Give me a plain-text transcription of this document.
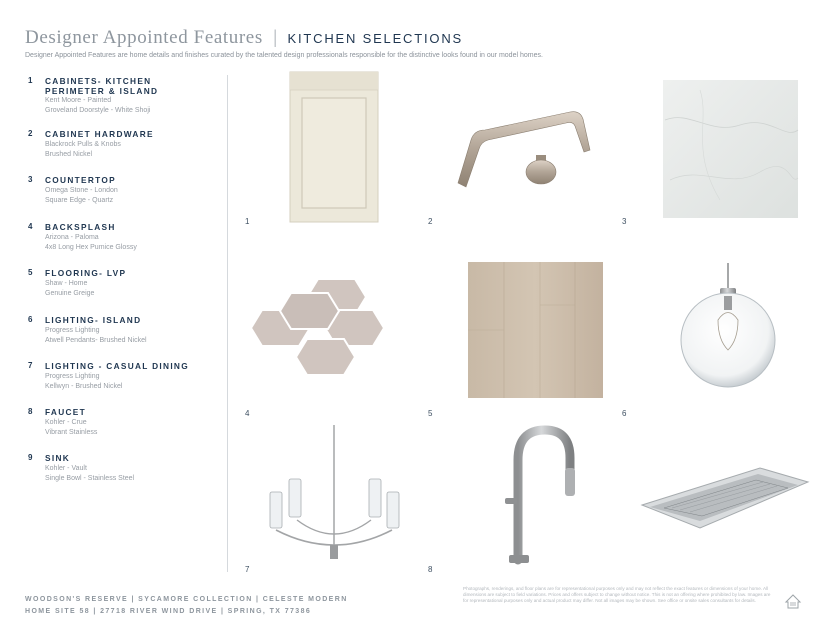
Designer Appointed Features | KITCHEN SELECTIONS
Designer Appointed Features are home details and finishes curated by the talented design professionals responsible for the distinctive looks found in our model homes.
1 CABINETS- KITCHEN PERIMETER & ISLAND
Kent Moore - Painted
Groveland Doorstyle - White Shoji
2 CABINET HARDWARE
Blackrock Pulls & Knobs
Brushed Nickel
3 COUNTERTOP
Omega Stone - London
Square Edge - Quartz
4 BACKSPLASH
Arizona - Paloma
4x8 Long Hex Pumice Glossy
5 FLOORING- LVP
Shaw - Home
Genuine Greige
6 LIGHTING- ISLAND
Progress Lighting
Atwell Pendants- Brushed Nickel
7 LIGHTING - CASUAL DINING
Progress Lighting
Kellwyn - Brushed Nickel
8 FAUCET
Kohler - Crue
Vibrant Stainless
9 SINK
Kohler - Vault
Single Bowl - Stainless Steel
1	2	3
4	5	6
7	8
WOODSON'S RESERVE | SYCAMORE COLLECTION | CELESTE MODERN
HOME SITE 58 | 27718 RIVER WIND DRIVE | SPRING, TX 77386
Photographs, renderings, and floor plans are for representational purposes only and may not reflect the exact features or dimensions of your home. All dimensions are subject to field variations. Prices and offers subject to change without notice. This is not an offering where prohibited by law. Images are for representational purposes only and actual product may differ. Not all images may be shown. See office or onsite sales consultants for details.
